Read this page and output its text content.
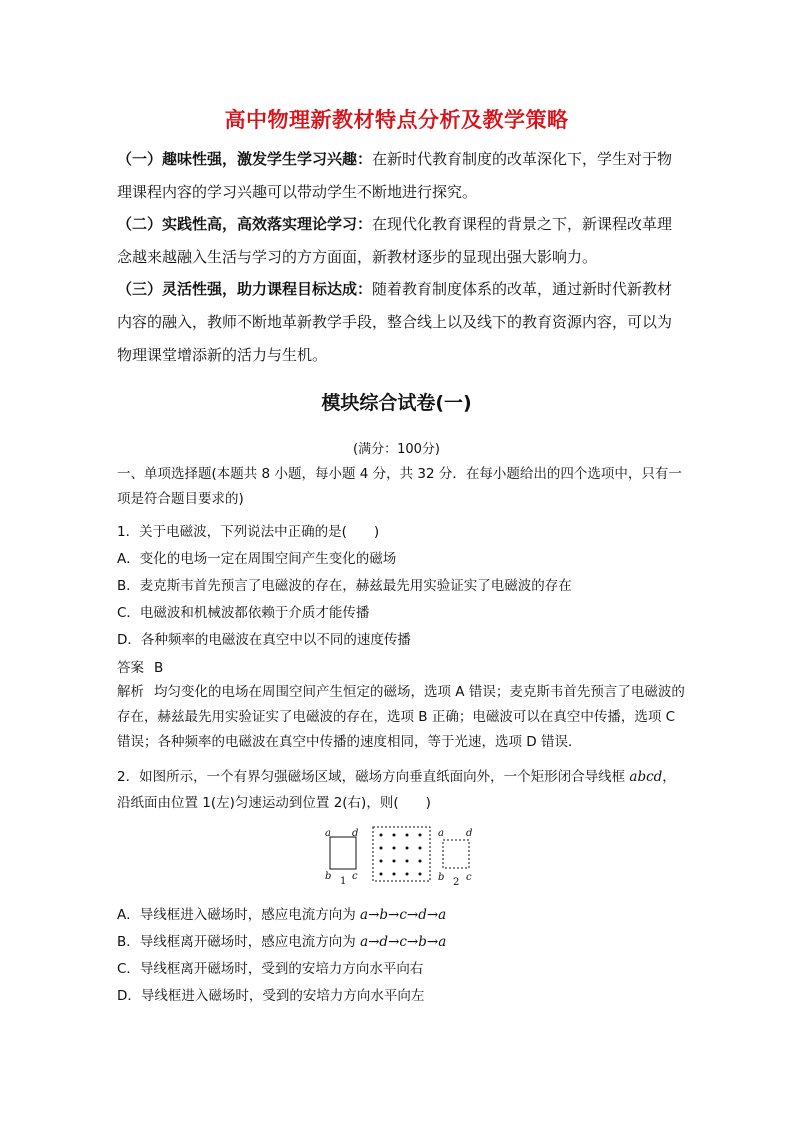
高中物理新教材特点分析及教学策略
（一）趣味性强，激发学生学习兴趣：在新时代教育制度的改革深化下，学生对于物理课程内容的学习兴趣可以带动学生不断地进行探究。
（二）实践性高，高效落实理论学习：在现代化教育课程的背景之下，新课程改革理念越来越融入生活与学习的方方面面，新教材逐步的显现出强大影响力。
（三）灵活性强，助力课程目标达成：随着教育制度体系的改革，通过新时代新教材内容的融入，教师不断地革新教学手段，整合线上以及线下的教育资源内容，可以为物理课堂增添新的活力与生机。
模块综合试卷(一)
(满分：100分)
一、单项选择题(本题共 8 小题，每小题 4 分，共 32 分．在每小题给出的四个选项中，只有一项是符合题目要求的)
1．关于电磁波，下列说法中正确的是(　　)
A．变化的电场一定在周围空间产生变化的磁场
B．麦克斯韦首先预言了电磁波的存在，赫兹最先用实验证实了电磁波的存在
C．电磁波和机械波都依赖于介质才能传播
D．各种频率的电磁波在真空中以不同的速度传播
答案 B
解析 均匀变化的电场在周围空间产生恒定的磁场，选项 A 错误；麦克斯韦首先预言了电磁波的存在，赫兹最先用实验证实了电磁波的存在，选项 B 正确；电磁波可以在真空中传播，选项 C 错误；各种频率的电磁波在真空中传播的速度相同，等于光速，选项 D 错误．
2．如图所示，一个有界匀强磁场区域，磁场方向垂直纸面向外，一个矩形闭合导线框 abcd，
沿纸面由位置 1(左)匀速运动到位置 2(右)，则(　　)
a d
b c
1
a d
b c
2
A．导线框进入磁场时，感应电流方向为 a→b→c→d→a
B．导线框离开磁场时，感应电流方向为 a→d→c→b→a
C．导线框离开磁场时，受到的安培力方向水平向右
D．导线框进入磁场时，受到的安培力方向水平向左
